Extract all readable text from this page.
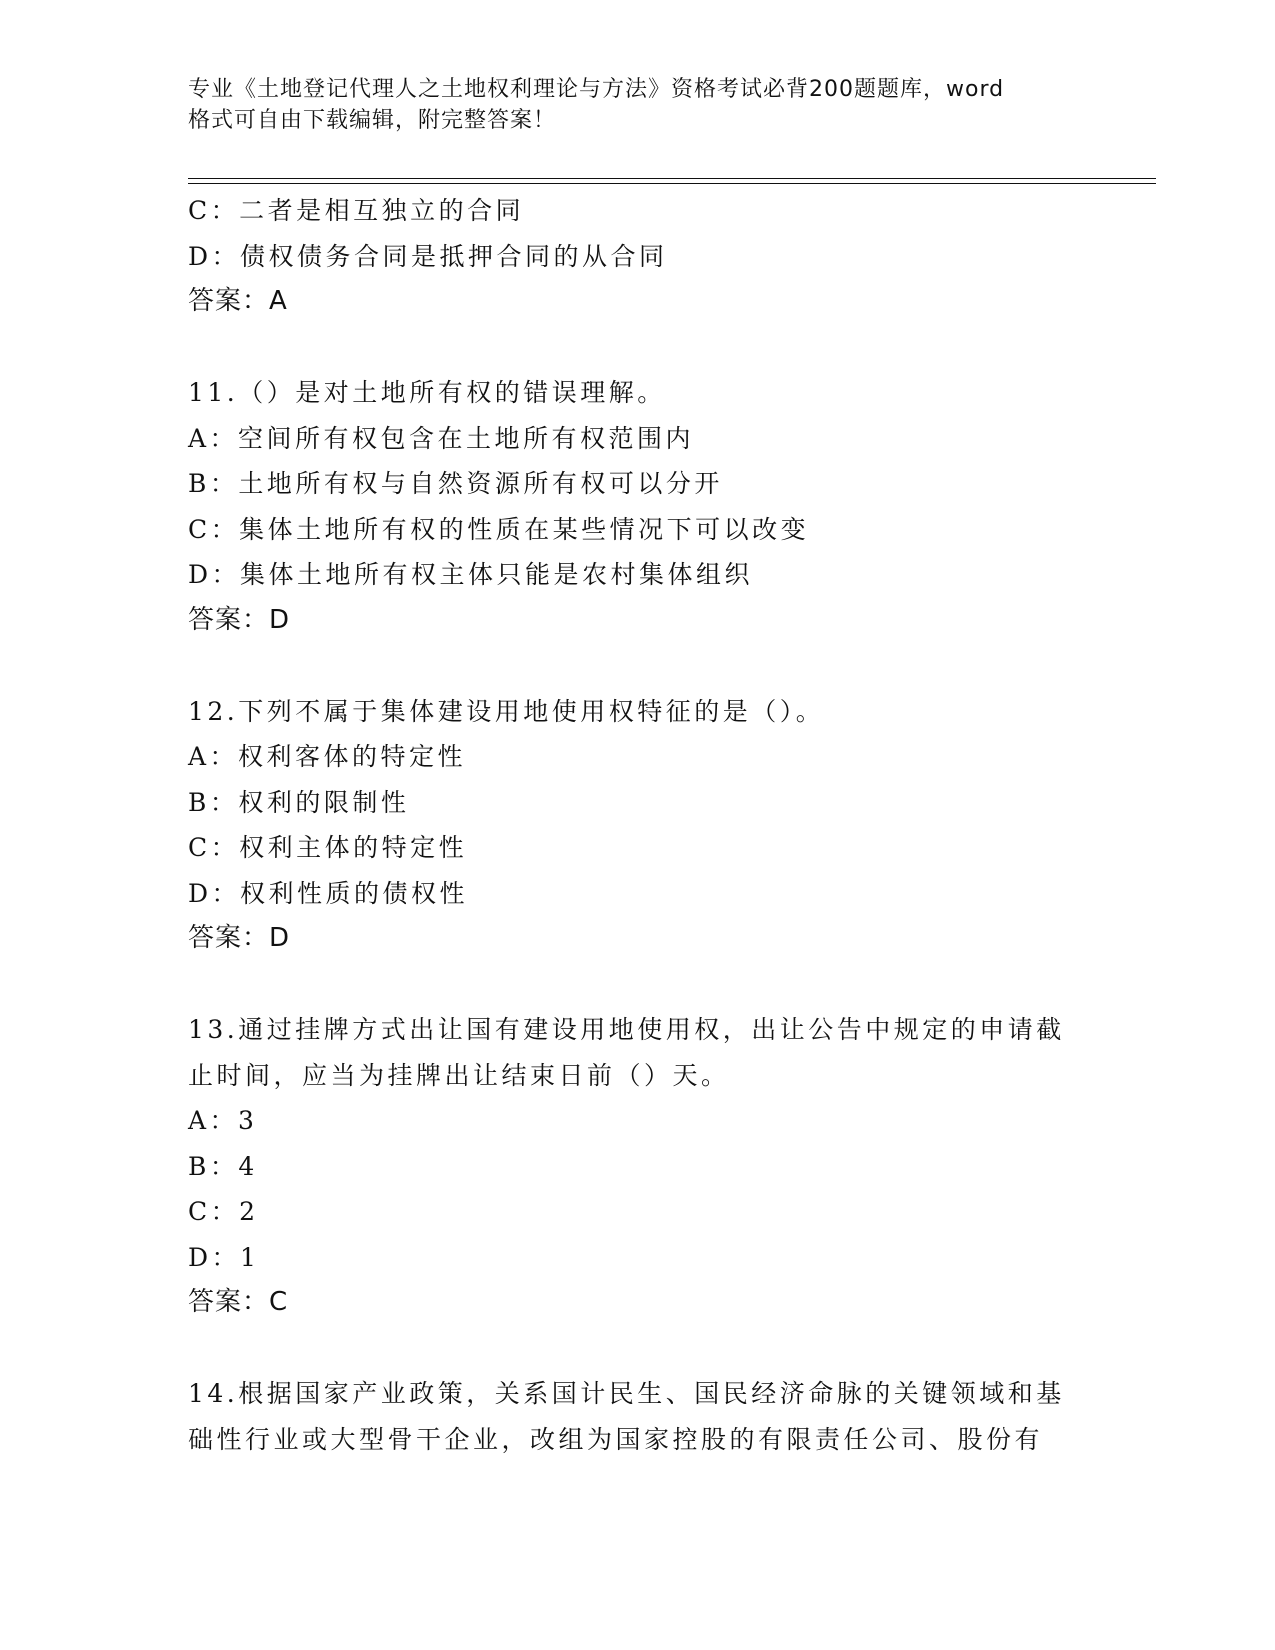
专业《土地登记代理人之土地权利理论与方法》资格考试必背200题题库，word

格式可自由下载编辑，附完整答案！

C：二者是相互独立的合同
D：债权债务合同是抵押合同的从合同
答案：A
11.（）是对土地所有权的错误理解。
A：空间所有权包含在土地所有权范围内
B：土地所有权与自然资源所有权可以分开
C：集体土地所有权的性质在某些情况下可以改变
D：集体土地所有权主体只能是农村集体组织
答案：D
12.下列不属于集体建设用地使用权特征的是（）。
A：权利客体的特定性
B：权利的限制性
C：权利主体的特定性
D：权利性质的债权性
答案：D
13.通过挂牌方式出让国有建设用地使用权，出让公告中规定的申请截
止时间，应当为挂牌出让结束日前（）天。
A：3
B：4
C：2
D：1
答案：C
14.根据国家产业政策，关系国计民生、国民经济命脉的关键领域和基
础性行业或大型骨干企业，改组为国家控股的有限责任公司、股份有
